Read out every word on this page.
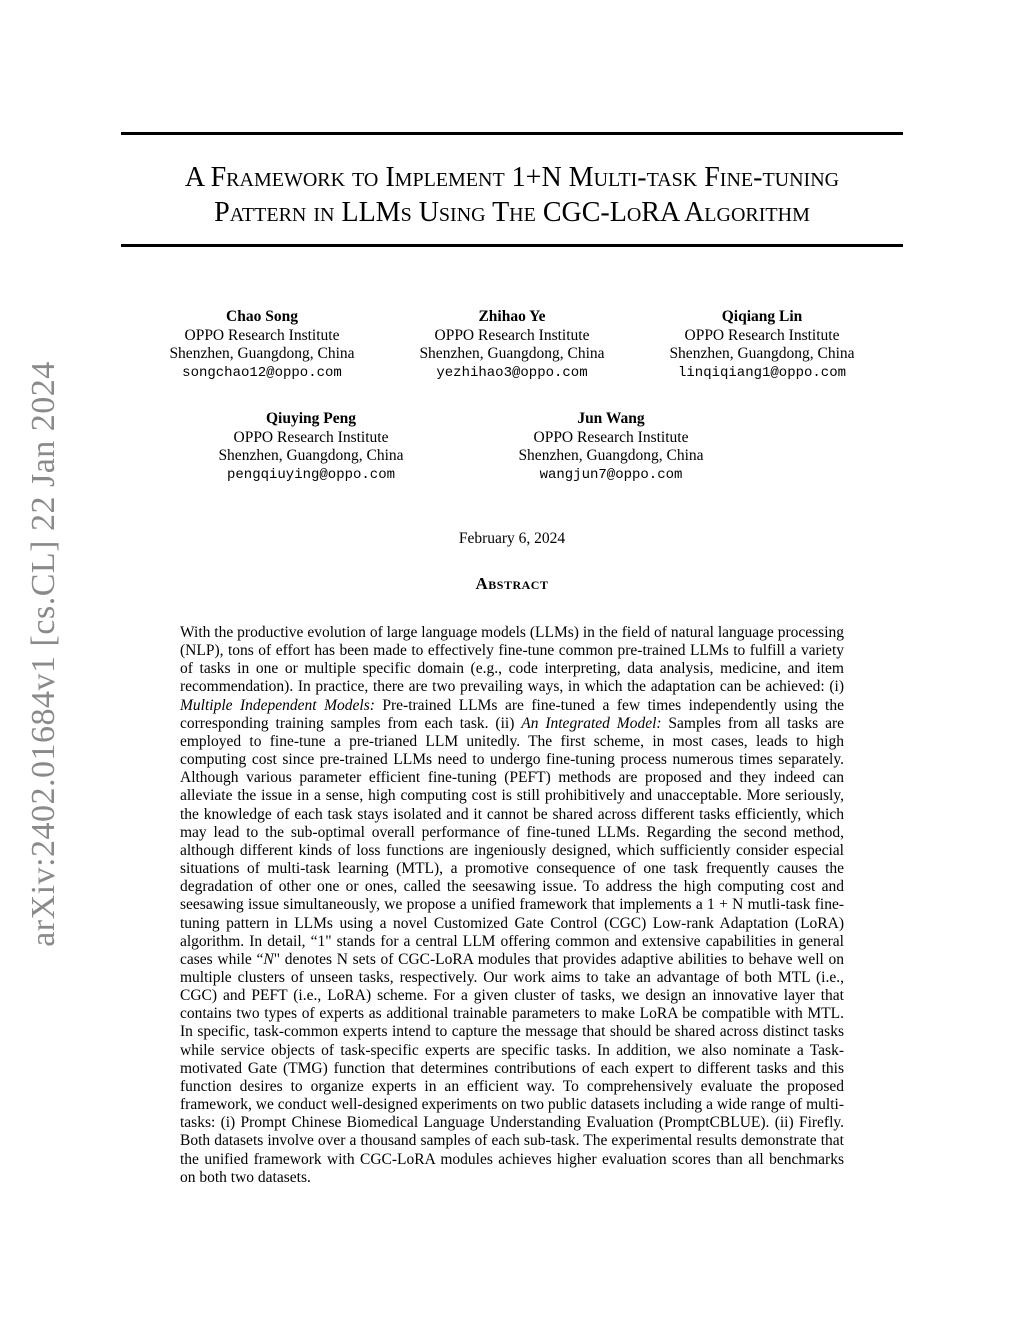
arXiv:2402.01684v1 [cs.CL] 22 Jan 2024
A Framework to Implement 1+N Multi-task Fine-tuning
Pattern in LLMs Using The CGC-LoRA Algorithm
Chao Song
OPPO Research Institute
Shenzhen, Guangdong, China
songchao12@oppo.com
Zhihao Ye
OPPO Research Institute
Shenzhen, Guangdong, China
yezhihao3@oppo.com
Qiqiang Lin
OPPO Research Institute
Shenzhen, Guangdong, China
linqiqiang1@oppo.com
Qiuying Peng
OPPO Research Institute
Shenzhen, Guangdong, China
pengqiuying@oppo.com
Jun Wang
OPPO Research Institute
Shenzhen, Guangdong, China
wangjun7@oppo.com
February 6, 2024
Abstract
With the productive evolution of large language models (LLMs) in the field of natural language processing (NLP), tons of effort has been made to effectively fine-tune common pre-trained LLMs to fulfill a variety of tasks in one or multiple specific domain (e.g., code interpreting, data analysis, medicine, and item recommendation). In practice, there are two prevailing ways, in which the adaptation can be achieved: (i) Multiple Independent Models: Pre-trained LLMs are fine-tuned a few times independently using the corresponding training samples from each task. (ii) An Integrated Model: Samples from all tasks are employed to fine-tune a pre-trianed LLM unitedly. The first scheme, in most cases, leads to high computing cost since pre-trained LLMs need to undergo fine-tuning process numerous times separately. Although various parameter efficient fine-tuning (PEFT) methods are proposed and they indeed can alleviate the issue in a sense, high computing cost is still prohibitively and unacceptable. More seriously, the knowledge of each task stays isolated and it cannot be shared across different tasks efficiently, which may lead to the sub-optimal overall performance of fine-tuned LLMs. Regarding the second method, although different kinds of loss functions are ingeniously designed, which sufficiently consider especial situations of multi-task learning (MTL), a promotive consequence of one task frequently causes the degradation of other one or ones, called the seesawing issue. To address the high computing cost and seesawing issue simultaneously, we propose a unified framework that implements a 1 + N mutli-task fine-tuning pattern in LLMs using a novel Customized Gate Control (CGC) Low-rank Adaptation (LoRA) algorithm. In detail, “1" stands for a central LLM offering common and extensive capabilities in general cases while “N" denotes N sets of CGC-LoRA modules that provides adaptive abilities to behave well on multiple clusters of unseen tasks, respectively. Our work aims to take an advantage of both MTL (i.e., CGC) and PEFT (i.e., LoRA) scheme. For a given cluster of tasks, we design an innovative layer that contains two types of experts as additional trainable parameters to make LoRA be compatible with MTL. In specific, task-common experts intend to capture the message that should be shared across distinct tasks while service objects of task-specific experts are specific tasks. In addition, we also nominate a Task-motivated Gate (TMG) function that determines contributions of each expert to different tasks and this function desires to organize experts in an efficient way. To comprehensively evaluate the proposed framework, we conduct well-designed experiments on two public datasets including a wide range of multi-tasks: (i) Prompt Chinese Biomedical Language Understanding Evaluation (PromptCBLUE). (ii) Firefly. Both datasets involve over a thousand samples of each sub-task. The experimental results demonstrate that the unified framework with CGC-LoRA modules achieves higher evaluation scores than all benchmarks on both two datasets.
